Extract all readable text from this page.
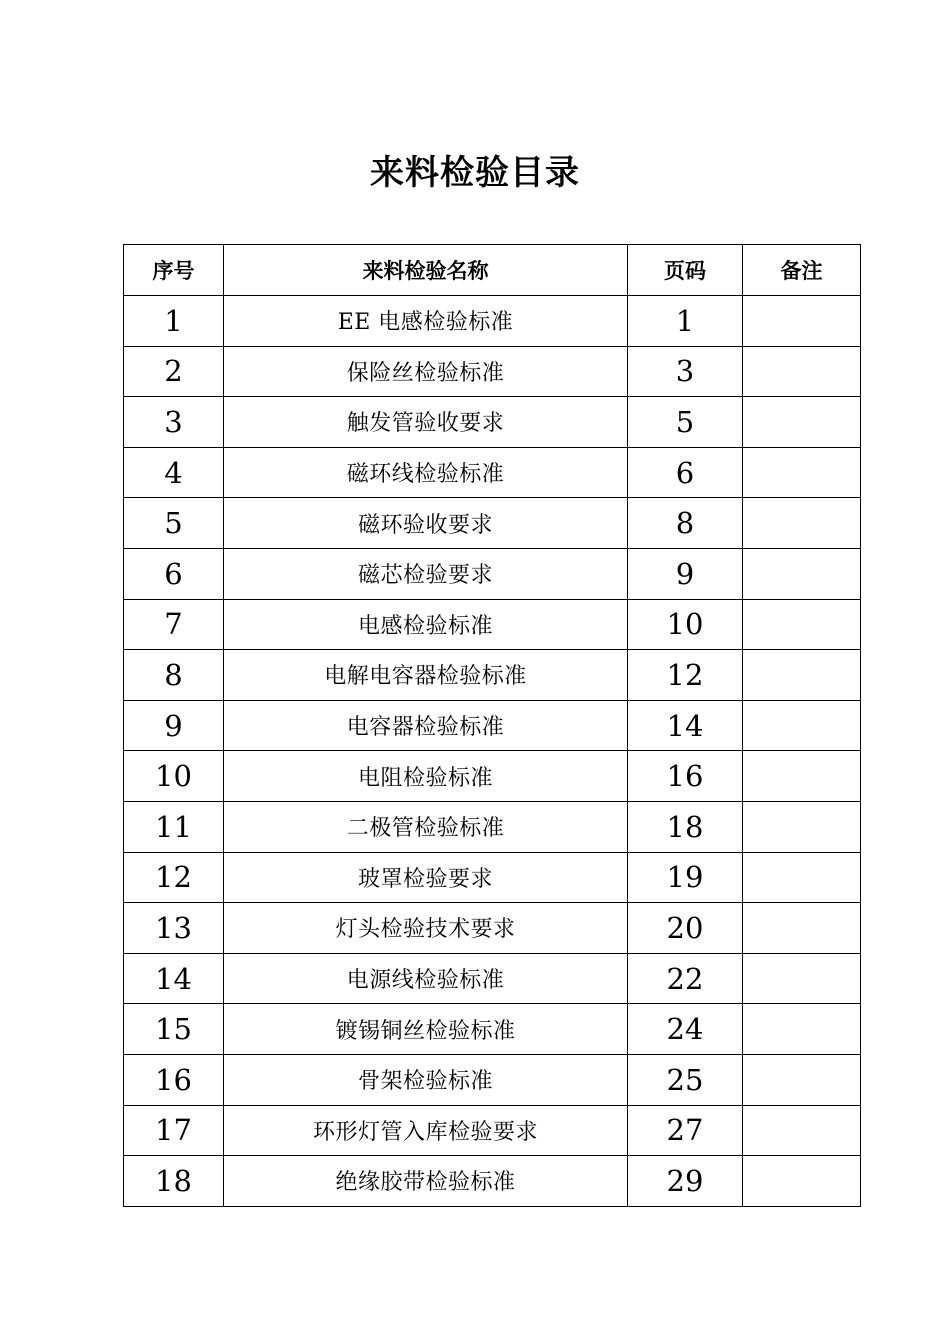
来料检验目录
序号	来料检验名称	页码	备注
1	EE 电感检验标准	1	
2	保险丝检验标准	3	
3	触发管验收要求	5	
4	磁环线检验标准	6	
5	磁环验收要求	8	
6	磁芯检验要求	9	
7	电感检验标准	10	
8	电解电容器检验标准	12	
9	电容器检验标准	14	
10	电阻检验标准	16	
11	二极管检验标准	18	
12	玻罩检验要求	19	
13	灯头检验技术要求	20	
14	电源线检验标准	22	
15	镀锡铜丝检验标准	24	
16	骨架检验标准	25	
17	环形灯管入库检验要求	27	
18	绝缘胶带检验标准	29	
